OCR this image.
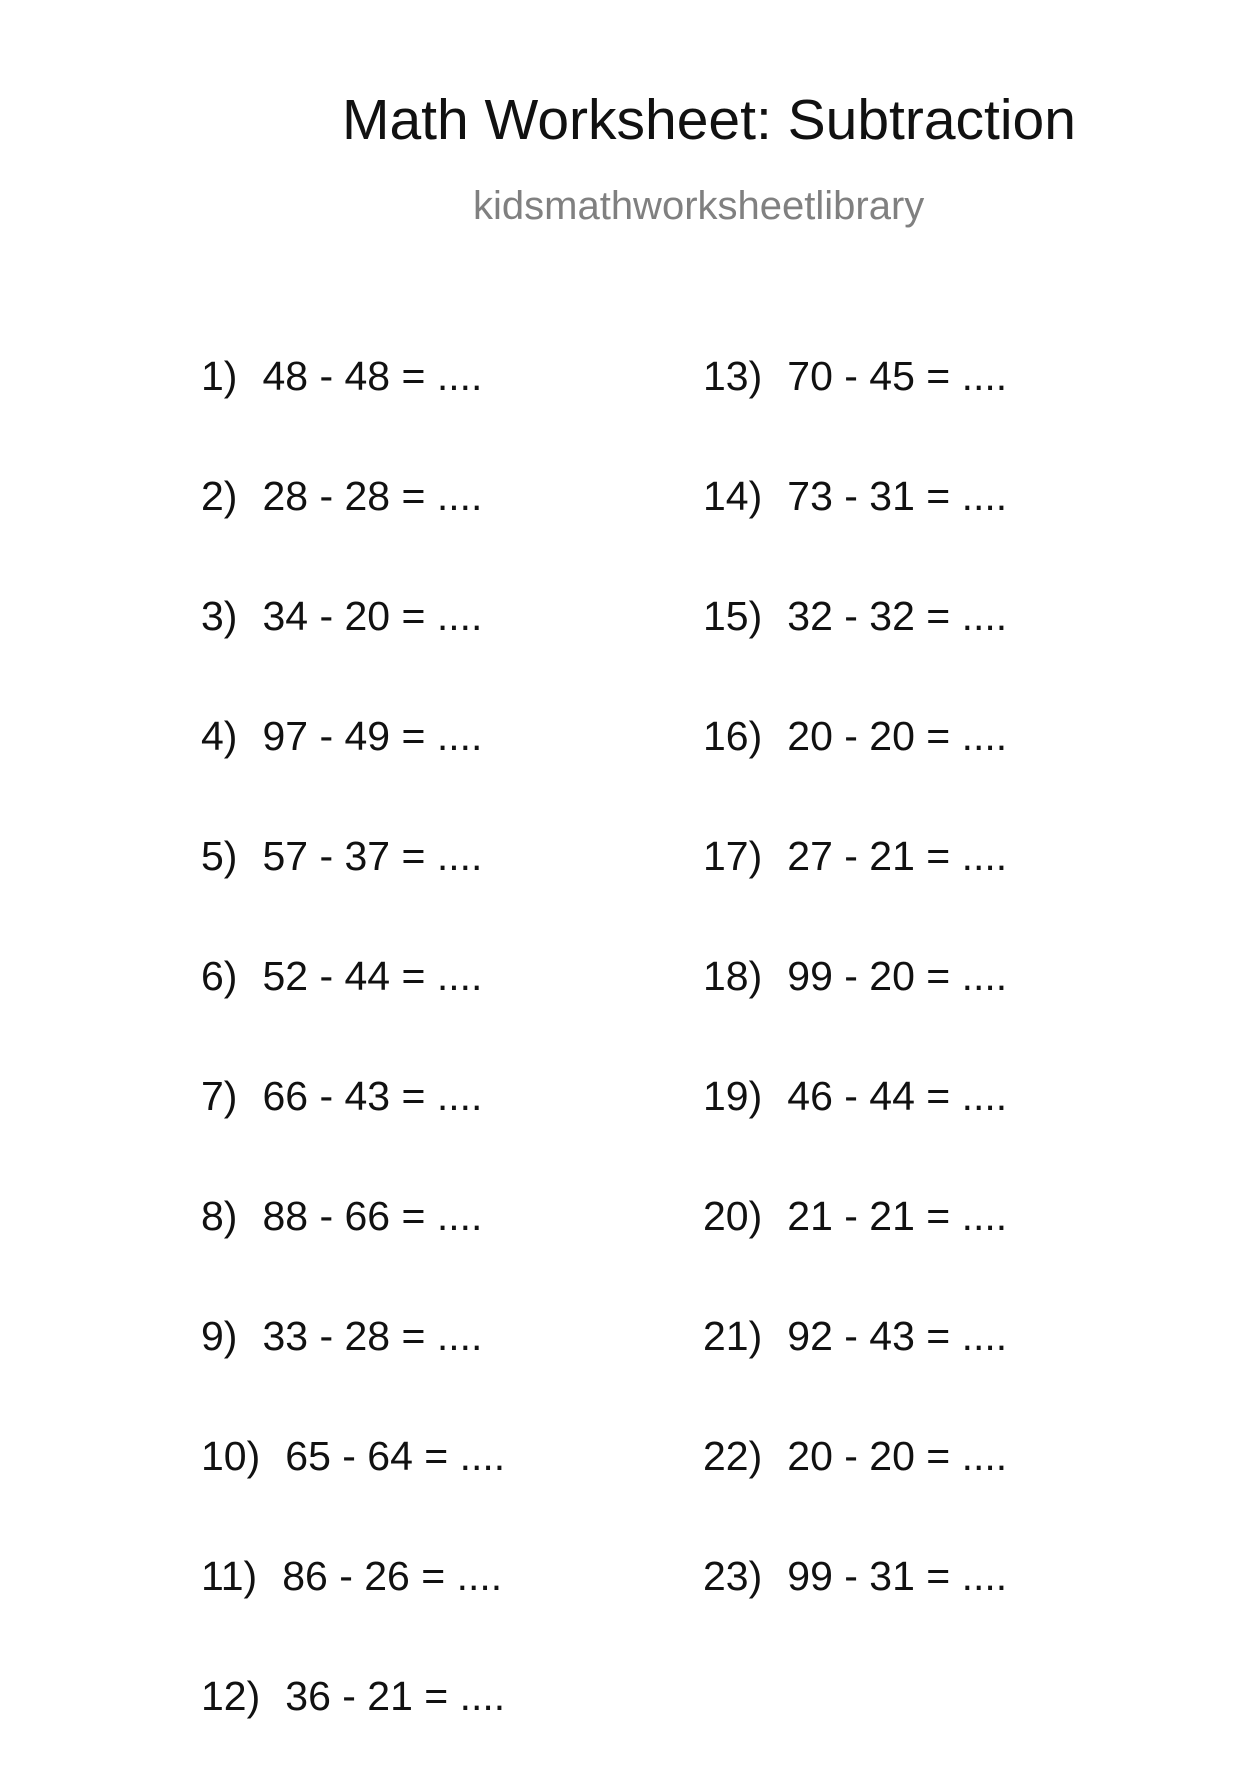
Math Worksheet: Subtraction
kidsmathworksheetlibrary
1) 48 - 48 = ....
2) 28 - 28 = ....
3) 34 - 20 = ....
4) 97 - 49 = ....
5) 57 - 37 = ....
6) 52 - 44 = ....
7) 66 - 43 = ....
8) 88 - 66 = ....
9) 33 - 28 = ....
10) 65 - 64 = ....
11) 86 - 26 = ....
12) 36 - 21 = ....
13) 70 - 45 = ....
14) 73 - 31 = ....
15) 32 - 32 = ....
16) 20 - 20 = ....
17) 27 - 21 = ....
18) 99 - 20 = ....
19) 46 - 44 = ....
20) 21 - 21 = ....
21) 92 - 43 = ....
22) 20 - 20 = ....
23) 99 - 31 = ....
